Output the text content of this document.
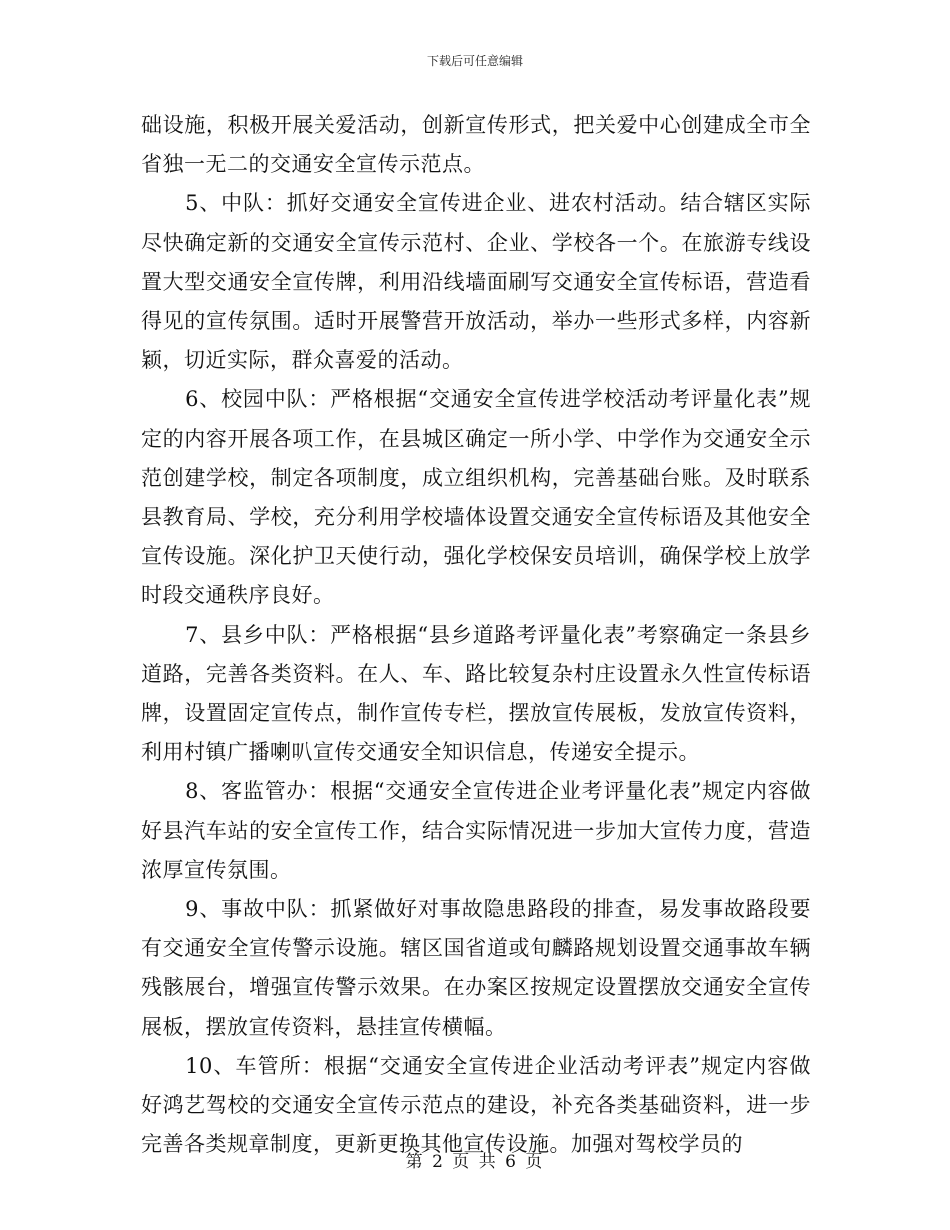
下载后可任意编辑

础设施，积极开展关爱活动，创新宣传形式，把关爱中心创建成全市全省独一无二的交通安全宣传示范点。

5、中队：抓好交通安全宣传进企业、进农村活动。结合辖区实际尽快确定新的交通安全宣传示范村、企业、学校各一个。在旅游专线设置大型交通安全宣传牌，利用沿线墙面刷写交通安全宣传标语，营造看得见的宣传氛围。适时开展警营开放活动，举办一些形式多样，内容新颖，切近实际，群众喜爱的活动。

6、校园中队：严格根据“交通安全宣传进学校活动考评量化表”规定的内容开展各项工作，在县城区确定一所小学、中学作为交通安全示范创建学校，制定各项制度，成立组织机构，完善基础台账。及时联系县教育局、学校，充分利用学校墙体设置交通安全宣传标语及其他安全宣传设施。深化护卫天使行动，强化学校保安员培训，确保学校上放学时段交通秩序良好。

7、县乡中队：严格根据“县乡道路考评量化表”考察确定一条县乡道路，完善各类资料。在人、车、路比较复杂村庄设置永久性宣传标语牌，设置固定宣传点，制作宣传专栏，摆放宣传展板，发放宣传资料，利用村镇广播喇叭宣传交通安全知识信息，传递安全提示。

8、客监管办：根据“交通安全宣传进企业考评量化表”规定内容做好县汽车站的安全宣传工作，结合实际情况进一步加大宣传力度，营造浓厚宣传氛围。

9、事故中队：抓紧做好对事故隐患路段的排查，易发事故路段要有交通安全宣传警示设施。辖区国省道或旬麟路规划设置交通事故车辆残骸展台，增强宣传警示效果。在办案区按规定设置摆放交通安全宣传展板，摆放宣传资料，悬挂宣传横幅。

10、车管所：根据“交通安全宣传进企业活动考评表”规定内容做好鸿艺驾校的交通安全宣传示范点的建设，补充各类基础资料，进一步完善各类规章制度，更新更换其他宣传设施。加强对驾校学员的

第 2 页 共 6 页
